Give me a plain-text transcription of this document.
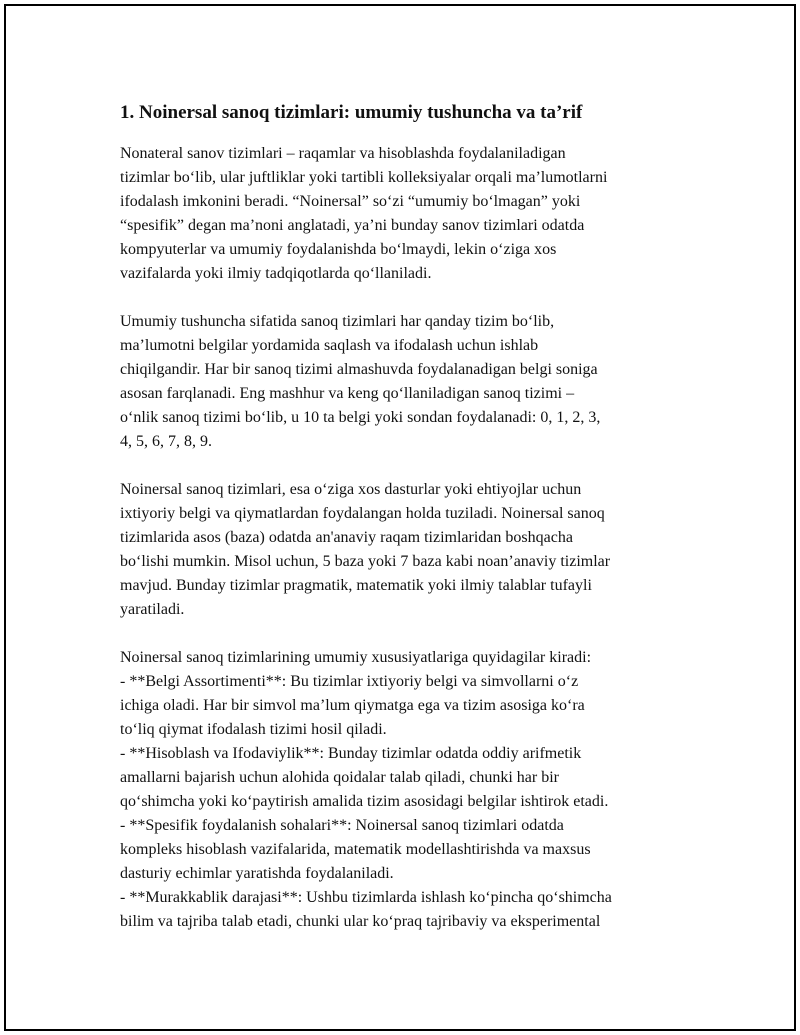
1. Noinersal sanoq tizimlari: umumiy tushuncha va ta’rif
Nonateral sanov tizimlari – raqamlar va hisoblashda foydalaniladigan
tizimlar bo‘lib, ular juftliklar yoki tartibli kolleksiyalar orqali ma’lumotlarni
ifodalash imkonini beradi. “Noinersal” so‘zi “umumiy bo‘lmagan” yoki
“spesifik” degan ma’noni anglatadi, ya’ni bunday sanov tizimlari odatda
kompyuterlar va umumiy foydalanishda bo‘lmaydi, lekin o‘ziga xos
vazifalarda yoki ilmiy tadqiqotlarda qo‘llaniladi.
Umumiy tushuncha sifatida sanoq tizimlari har qanday tizim bo‘lib,
ma’lumotni belgilar yordamida saqlash va ifodalash uchun ishlab
chiqilgandir. Har bir sanoq tizimi almashuvda foydalanadigan belgi soniga
asosan farqlanadi. Eng mashhur va keng qo‘llaniladigan sanoq tizimi –
o‘nlik sanoq tizimi bo‘lib, u 10 ta belgi yoki sondan foydalanadi: 0, 1, 2, 3,
4, 5, 6, 7, 8, 9.
Noinersal sanoq tizimlari, esa o‘ziga xos dasturlar yoki ehtiyojlar uchun
ixtiyoriy belgi va qiymatlardan foydalangan holda tuziladi. Noinersal sanoq
tizimlarida asos (baza) odatda an'anaviy raqam tizimlaridan boshqacha
bo‘lishi mumkin. Misol uchun, 5 baza yoki 7 baza kabi noan’anaviy tizimlar
mavjud. Bunday tizimlar pragmatik, matematik yoki ilmiy talablar tufayli
yaratiladi.
Noinersal sanoq tizimlarining umumiy xususiyatlariga quyidagilar kiradi:
- **Belgi Assortimenti**: Bu tizimlar ixtiyoriy belgi va simvollarni o‘z
ichiga oladi. Har bir simvol ma’lum qiymatga ega va tizim asosiga ko‘ra
to‘liq qiymat ifodalash tizimi hosil qiladi.
- **Hisoblash va Ifodaviylik**: Bunday tizimlar odatda oddiy arifmetik
amallarni bajarish uchun alohida qoidalar talab qiladi, chunki har bir
qo‘shimcha yoki ko‘paytirish amalida tizim asosidagi belgilar ishtirok etadi.
- **Spesifik foydalanish sohalari**: Noinersal sanoq tizimlari odatda
kompleks hisoblash vazifalarida, matematik modellashtirishda va maxsus
dasturiy echimlar yaratishda foydalaniladi.
- **Murakkablik darajasi**: Ushbu tizimlarda ishlash ko‘pincha qo‘shimcha
bilim va tajriba talab etadi, chunki ular ko‘praq tajribaviy va eksperimental
